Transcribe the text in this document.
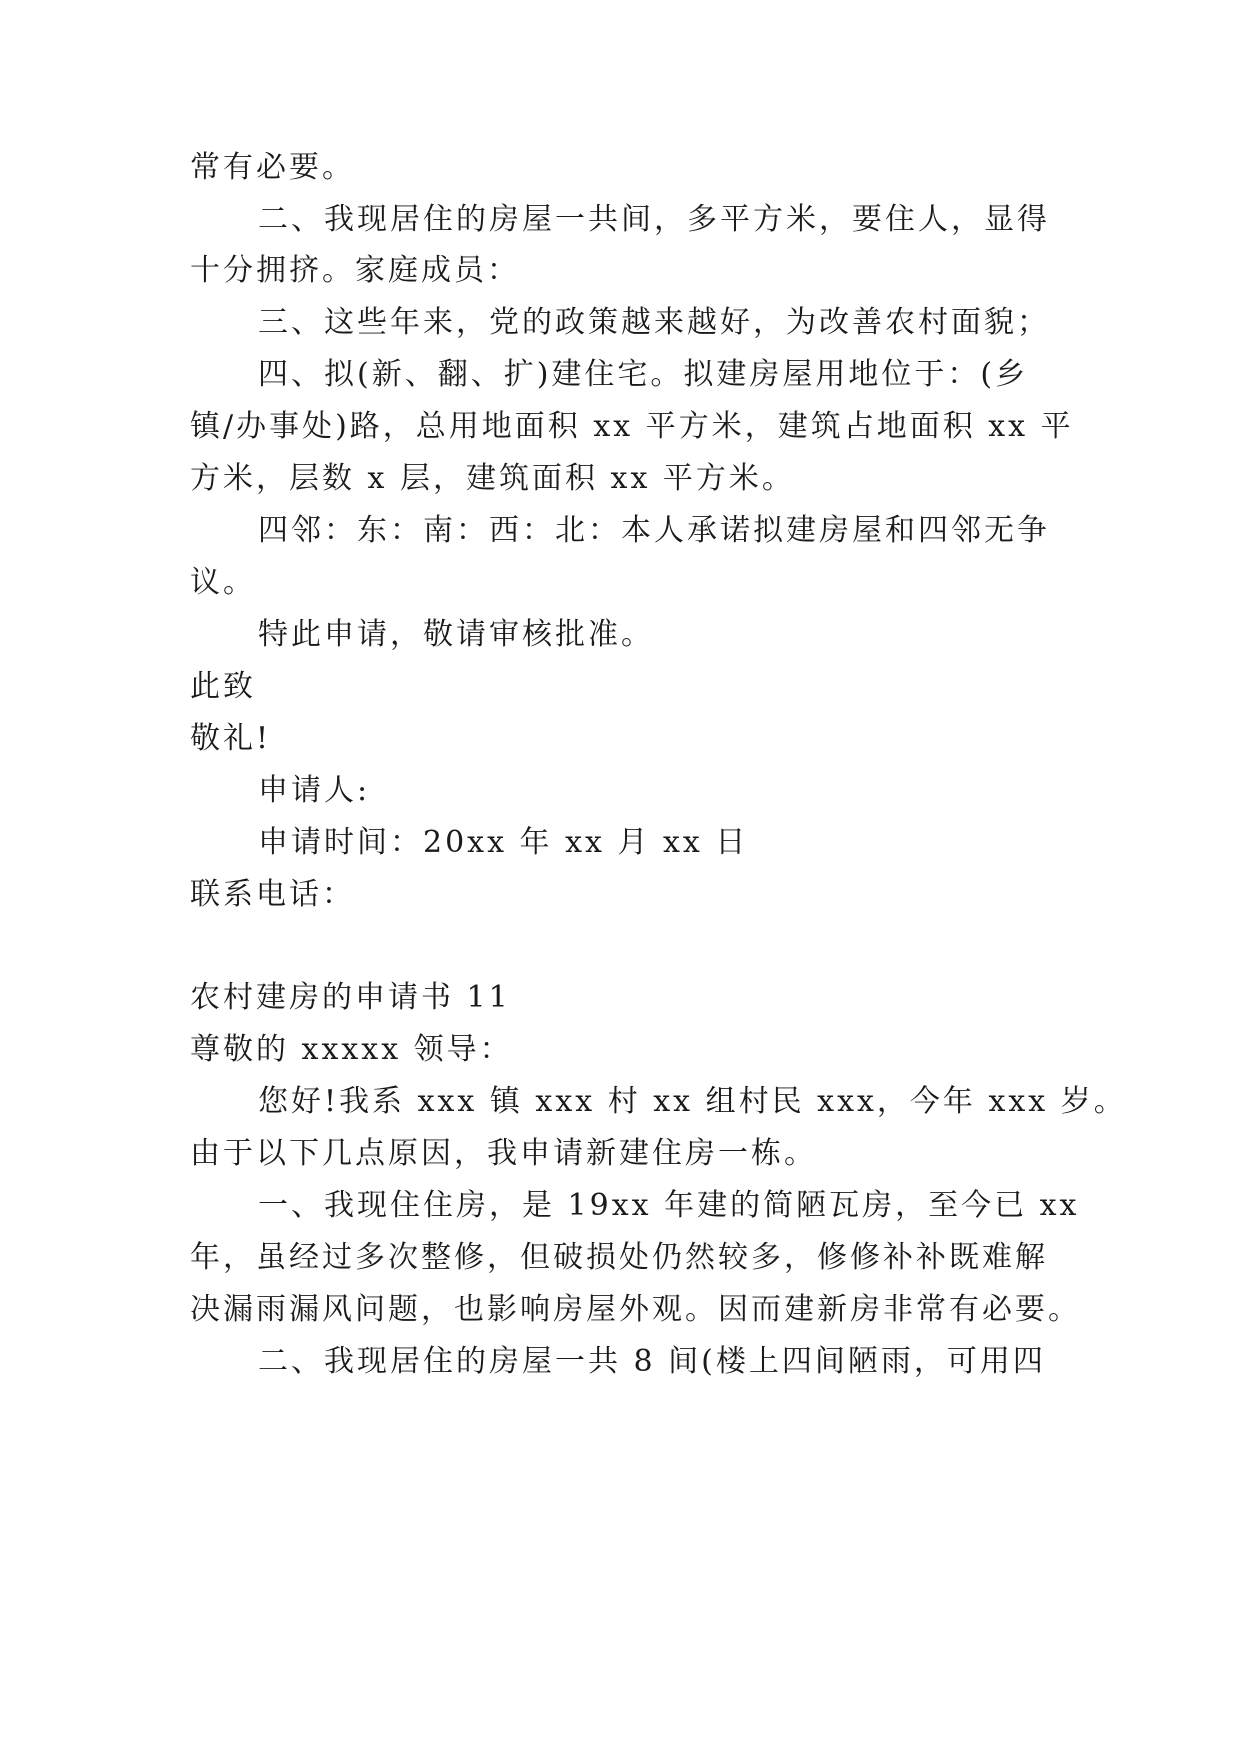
常有必要。
二、我现居住的房屋一共间，多平方米，要住人，显得
十分拥挤。家庭成员：
三、这些年来，党的政策越来越好，为改善农村面貌；
四、拟(新、翻、扩)建住宅。拟建房屋用地位于：(乡
镇/办事处)路，总用地面积 xx 平方米，建筑占地面积 xx 平
方米，层数 x 层，建筑面积 xx 平方米。
四邻：东：南：西：北：本人承诺拟建房屋和四邻无争
议。
特此申请，敬请审核批准。
此致
敬礼!
申请人:
申请时间：20xx 年 xx 月 xx 日
联系电话：
农村建房的申请书 11
尊敬的 xxxxx 领导：
您好!我系 xxx 镇 xxx 村 xx 组村民 xxx，今年 xxx 岁。
由于以下几点原因，我申请新建住房一栋。
一、我现住住房，是 19xx 年建的简陋瓦房，至今已 xx
年，虽经过多次整修，但破损处仍然较多，修修补补既难解
决漏雨漏风问题，也影响房屋外观。因而建新房非常有必要。
二、我现居住的房屋一共 8 间(楼上四间陋雨，可用四
